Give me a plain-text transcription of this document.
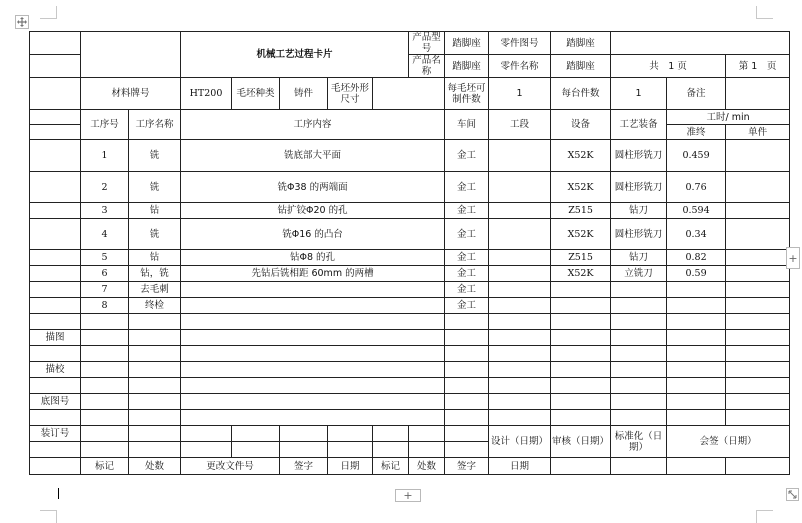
			机械工艺过程卡片					产品型号	踏脚座	零件图号	踏脚座			
								产品名称	踏脚座	零件名称	踏脚座	共　1 页		第 1　页
	材料牌号		HT200	毛坯种类	铸件	毛坯外形尺寸			每毛坯可制件数	1	每台件数	1	备注	
	工序号	工序名称	工序内容						车间	工段	设备	工艺装备	工时/ min	
													准终	单件
	1	铣	铣底部大平面						金工		X52K	圆柱形铣刀	0.459	
	2	铣	铣Φ38 的两端面						金工		X52K	圆柱形铣刀	0.76	
	3	钻	钻扩铰Φ20 的孔						金工		Z515	钻刀	0.594	
	4	铣	铣Φ16 的凸台						金工		X52K	圆柱形铣刀	0.34	
	5	钻	钻Φ8 的孔						金工		Z515	钻刀	0.82	
	6	钻，铣	先钻后铣相距 60mm 的两槽						金工		X52K	立铣刀	0.59	
	7	去毛刺							金工					
	8	终检							金工					

描图														

描校														

底图号														

装订号										设计（日期）	审核（日期）	标准化（日期）	会签（日期）	

	标记	处数	更改文件号		签字	日期	标记	处数	签字	日期				
+
+
